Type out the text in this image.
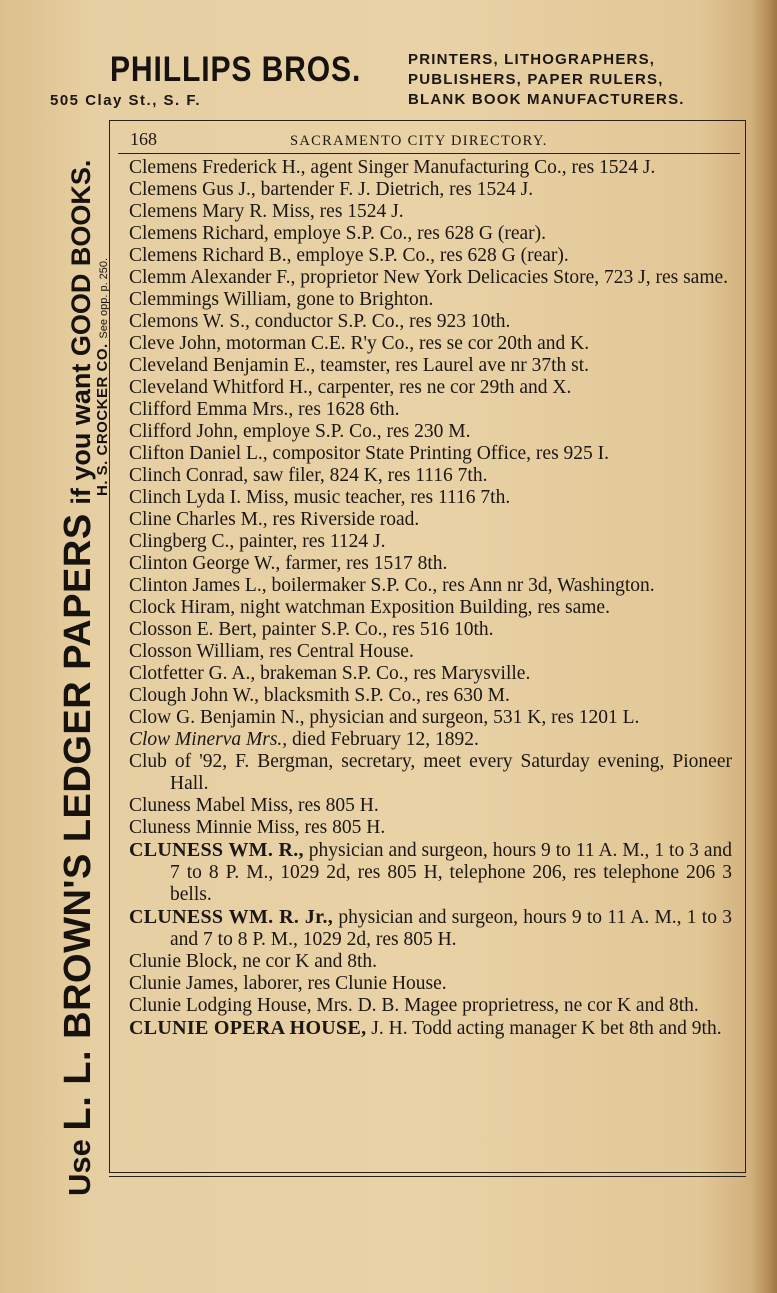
PHILLIPS BROS.	PRINTERS, LITHOGRAPHERS,
PUBLISHERS, PAPER RULERS,
BLANK BOOK MANUFACTURERS.
505 Clay St., S. F.
Use L. L. BROWN'S LEDGER PAPERS if you want GOOD BOOKS.
H. S. CROCKER CO. See opp. p. 250.
168	SACRAMENTO CITY DIRECTORY.

Clemens Frederick H., agent Singer Manufacturing Co., res 1524 J.

Clemens Gus J., bartender F. J. Dietrich, res 1524 J.

Clemens Mary R. Miss, res 1524 J.

Clemens Richard, employe S.P. Co., res 628 G (rear).

Clemens Richard B., employe S.P. Co., res 628 G (rear).

Clemm Alexander F., proprietor New York Delicacies Store, 723 J, res same.

Clemmings William, gone to Brighton.

Clemons W. S., conductor S.P. Co., res 923 10th.

Cleve John, motorman C.E. R'y Co., res se cor 20th and K.

Cleveland Benjamin E., teamster, res Laurel ave nr 37th st.

Cleveland Whitford H., carpenter, res ne cor 29th and X.

Clifford Emma Mrs., res 1628 6th.

Clifford John, employe S.P. Co., res 230 M.

Clifton Daniel L., compositor State Printing Office, res 925 I.

Clinch Conrad, saw filer, 824 K, res 1116 7th.

Clinch Lyda I. Miss, music teacher, res 1116 7th.

Cline Charles M., res Riverside road.

Clingberg C., painter, res 1124 J.

Clinton George W., farmer, res 1517 8th.

Clinton James L., boilermaker S.P. Co., res Ann nr 3d, Washington.

Clock Hiram, night watchman Exposition Building, res same.

Closson E. Bert, painter S.P. Co., res 516 10th.

Closson William, res Central House.

Clotfetter G. A., brakeman S.P. Co., res Marysville.

Clough John W., blacksmith S.P. Co., res 630 M.

Clow G. Benjamin N., physician and surgeon, 531 K, res 1201 L.

Clow Minerva Mrs., died February 12, 1892.

Club of '92, F. Bergman, secretary, meet every Saturday evening, Pioneer Hall.

Cluness Mabel Miss, res 805 H.

Cluness Minnie Miss, res 805 H.

CLUNESS WM. R., physician and surgeon, hours 9 to 11 A. M., 1 to 3 and 7 to 8 P. M., 1029 2d, res 805 H, telephone 206, res telephone 206 3 bells.

CLUNESS WM. R. Jr., physician and surgeon, hours 9 to 11 A. M., 1 to 3 and 7 to 8 P. M., 1029 2d, res 805 H.

Clunie Block, ne cor K and 8th.

Clunie James, laborer, res Clunie House.

Clunie Lodging House, Mrs. D. B. Magee proprietress, ne cor K and 8th.

CLUNIE OPERA HOUSE, J. H. Todd acting manager K bet 8th and 9th.
